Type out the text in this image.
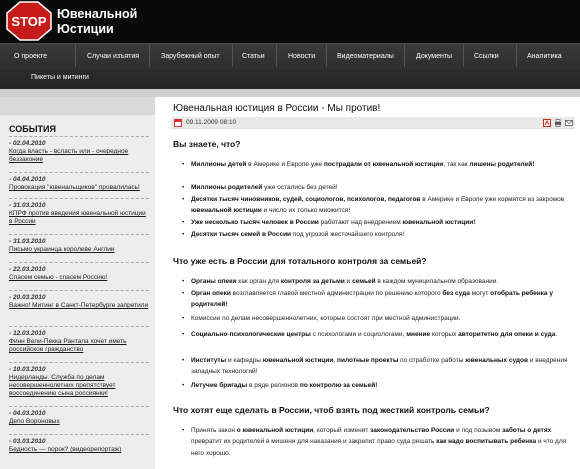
STOP Ювенальной
Юстиции
О проекте	Случаи изъятия	Зарубежный опыт	Статьи	Новости	Видеоматериалы	Документы	Ссылки	Аналитика
Пикеты и митинги
СОБЫТИЯ
- 02.04.2010
Когда власть - всласть или - очередное беззаконие
- 04.04.2010
Провокация "ювенальщиков" провалилась!
- 31.03.2010
КПРФ против введения ювенальной юстиции в России
- 31.03.2010
Письмо украинца королеве Англии
- 22.03.2010
Спасем семью - спасем Россию!
- 20.03.2010
Важно! Митинг в Санкт-Петербурге запретили
- 12.03.2010
Финн Вели-Пекка Рантала хочет иметь российское гражданство
- 10.03.2010
Нидерланды. Служба по делам несовершеннолетних препятствует воссоединению сына россиянки!
- 04.03.2010
Депо Вороновых
- 03.03.2010
Бедность — порок? (видеорепортаж)
Ювенальная юстиция в России - Мы против!
09.11.2009 08:10
Вы знаете, что?
• Миллионы детей в Америке и Европе уже пострадали от ювенальной юстиции, так как лишены родителей!
• Миллионы родителей уже остались без детей!
• Десятки тысяч чиновников, судей, социологов, психологов, педагогов в Америке и Европе уже кормятся из закромов ювенальной юстиции и число их только множится!
• Уже несколько тысяч человек в России работают над внедрением ювенальной юстиции!
• Десятки тысяч семей в России под угрозой жесточайшего контроля!
Что уже есть в России для тотального контроля за семьей?
• Органы опеки как орган для контроля за детьми и семьей в каждом муниципальном образовании.
• Орган опеки возглавляется главой местной администрации по решению которого без суда могут отобрать ребенка у родителей!
• Комиссии по делам несовершеннолетних, которые состоят при местной администрации.
• Социально-психологические центры с психологами и социологами, мнение которых авторитетно для опеки и суда.
• Институты и кафедры ювенальной юстиции, пилотные проекты по отработке работы ювенальных судов и внедрения западных технологий!
• Летучие бригады в ряде регионов по контролю за семьей!
Что хотят еще сделать в России, чтоб взять под жесткий контроль семьи?
• Принять закон о ювенальной юстиции, который изменит законодательство России и под позывом заботы о детях превратит их родителей в мишени для наказания и закрепит право суда решать как надо воспитывать ребенка и что для него хорошо.
